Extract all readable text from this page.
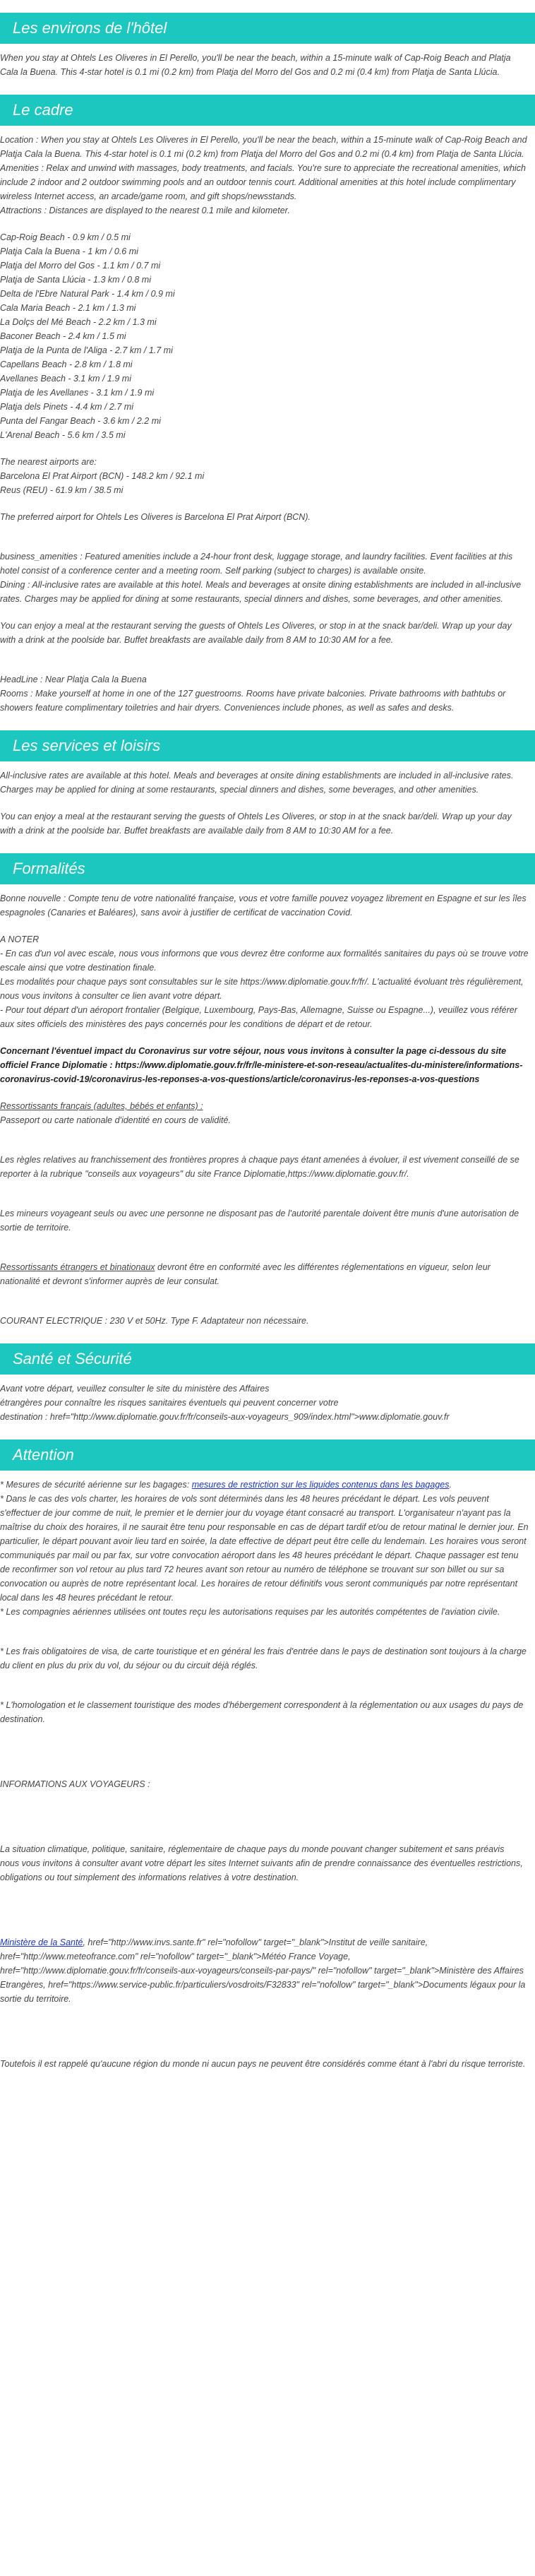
Les environs de l'hôtel

When you stay at Ohtels Les Oliveres in El Perello, you'll be near the beach, within a 15-minute walk of Cap-Roig Beach and Platja Cala la Buena. This 4-star hotel is 0.1 mi (0.2 km) from Platja del Morro del Gos and 0.2 mi (0.4 km) from Platja de Santa Llúcia.

Le cadre

Location : When you stay at Ohtels Les Oliveres in El Perello, you'll be near the beach, within a 15-minute walk of Cap-Roig Beach and Platja Cala la Buena. This 4-star hotel is 0.1 mi (0.2 km) from Platja del Morro del Gos and 0.2 mi (0.4 km) from Platja de Santa Llúcia.

Amenities : Relax and unwind with massages, body treatments, and facials. You're sure to appreciate the recreational amenities, which include 2 indoor and 2 outdoor swimming pools and an outdoor tennis court. Additional amenities at this hotel include complimentary wireless Internet access, an arcade/game room, and gift shops/newsstands.

Attractions : Distances are displayed to the nearest 0.1 mile and kilometer.

Cap-Roig Beach - 0.9 km / 0.5 mi
Platja Cala la Buena - 1 km / 0.6 mi
Platja del Morro del Gos - 1.1 km / 0.7 mi
Platja de Santa Llúcia - 1.3 km / 0.8 mi
Delta de l'Ebre Natural Park - 1.4 km / 0.9 mi
Cala Maria Beach - 2.1 km / 1.3 mi
La Dolçs del Mé Beach - 2.2 km / 1.3 mi
Baconer Beach - 2.4 km / 1.5 mi
Platja de la Punta de l'Aliga - 2.7 km / 1.7 mi
Capellans Beach - 2.8 km / 1.8 mi
Avellanes Beach - 3.1 km / 1.9 mi
Platja de les Avellanes - 3.1 km / 1.9 mi
Platja dels Pinets - 4.4 km / 2.7 mi
Punta del Fangar Beach - 3.6 km / 2.2 mi
L'Arenal Beach - 5.6 km / 3.5 mi

The nearest airports are:

Barcelona El Prat Airport (BCN) - 148.2 km / 92.1 mi

Reus (REU) - 61.9 km / 38.5 mi

The preferred airport for Ohtels Les Oliveres is Barcelona El Prat Airport (BCN).

business_amenities : Featured amenities include a 24-hour front desk, luggage storage, and laundry facilities. Event facilities at this hotel consist of a conference center and a meeting room. Self parking (subject to charges) is available onsite.

Dining : All-inclusive rates are available at this hotel. Meals and beverages at onsite dining establishments are included in all-inclusive rates. Charges may be applied for dining at some restaurants, special dinners and dishes, some beverages, and other amenities.

You can enjoy a meal at the restaurant serving the guests of Ohtels Les Oliveres, or stop in at the snack bar/deli. Wrap up your day with a drink at the poolside bar. Buffet breakfasts are available daily from 8 AM to 10:30 AM for a fee.

HeadLine : Near Platja Cala la Buena

Rooms : Make yourself at home in one of the 127 guestrooms. Rooms have private balconies. Private bathrooms with bathtubs or showers feature complimentary toiletries and hair dryers. Conveniences include phones, as well as safes and desks.

Les services et loisirs

All-inclusive rates are available at this hotel. Meals and beverages at onsite dining establishments are included in all-inclusive rates. Charges may be applied for dining at some restaurants, special dinners and dishes, some beverages, and other amenities.

You can enjoy a meal at the restaurant serving the guests of Ohtels Les Oliveres, or stop in at the snack bar/deli. Wrap up your day with a drink at the poolside bar. Buffet breakfasts are available daily from 8 AM to 10:30 AM for a fee.

Formalités

Bonne nouvelle : Compte tenu de votre nationalité française, vous et votre famille pouvez voyagez librement en Espagne et sur les îles espagnoles (Canaries et Baléares), sans avoir à justifier de certificat de vaccination Covid.

A NOTER

- En cas d'un vol avec escale, nous vous informons que vous devrez être conforme aux formalités sanitaires du pays où se trouve votre escale ainsi que votre destination finale.

Les modalités pour chaque pays sont consultables sur le site https://www.diplomatie.gouv.fr/fr/. L'actualité évoluant très régulièrement, nous vous invitons à consulter ce lien avant votre départ.

- Pour tout départ d'un aéroport frontalier (Belgique, Luxembourg, Pays-Bas, Allemagne, Suisse ou Espagne...), veuillez vous référer aux sites officiels des ministères des pays concernés pour les conditions de départ et de retour.

Concernant l'éventuel impact du Coronavirus sur votre séjour, nous vous invitons à consulter la page ci-dessous du site officiel France Diplomatie : https://www.diplomatie.gouv.fr/fr/le-ministere-et-son-reseau/actualites-du-ministere/informations-coronavirus-covid-19/coronavirus-les-reponses-a-vos-questions/article/coronavirus-les-reponses-a-vos-questions

Ressortissants français (adultes, bébés et enfants) :

Passeport ou carte nationale d'identité en cours de validité.

Les règles relatives au franchissement des frontières propres à chaque pays étant amenées à évoluer, il est vivement conseillé de se reporter à la rubrique "conseils aux voyageurs" du site France Diplomatie,https://www.diplomatie.gouv.fr/.

Les mineurs voyageant seuls ou avec une personne ne disposant pas de l'autorité parentale doivent être munis d'une autorisation de sortie de territoire.

Ressortissants étrangers et binationaux devront être en conformité avec les différentes réglementations en vigueur, selon leur nationalité et devront s'informer auprès de leur consulat.

COURANT ELECTRIQUE : 230 V et 50Hz. Type F. Adaptateur non nécessaire.

Santé et Sécurité

Avant votre départ, veuillez consulter le site du ministère des Affaires

étrangères pour connaître les risques sanitaires éventuels qui peuvent concerner votre

destination : href="http://www.diplomatie.gouv.fr/fr/conseils-aux-voyageurs_909/index.html">www.diplomatie.gouv.fr

Attention

* Mesures de sécurité aérienne sur les bagages: mesures de restriction sur les liquides contenus dans les bagages.

* Dans le cas des vols charter, les horaires de vols sont déterminés dans les 48 heures précédant le départ. Les vols peuvent s'effectuer de jour comme de nuit, le premier et le dernier jour du voyage étant consacré au transport. L'organisateur n'ayant pas la maîtrise du choix des horaires, il ne saurait être tenu pour responsable en cas de départ tardif et/ou de retour matinal le dernier jour. En particulier, le départ pouvant avoir lieu tard en soirée, la date effective de départ peut être celle du lendemain. Les horaires vous seront communiqués par mail ou par fax, sur votre convocation aéroport dans les 48 heures précédant le départ. Chaque passager est tenu de reconfirmer son vol retour au plus tard 72 heures avant son retour au numéro de téléphone se trouvant sur son billet ou sur sa convocation ou auprès de notre représentant local. Les horaires de retour définitifs vous seront communiqués par notre représentant local dans les 48 heures précédant le retour.

* Les compagnies aériennes utilisées ont toutes reçu les autorisations requises par les autorités compétentes de l'aviation civile.

* Les frais obligatoires de visa, de carte touristique et en général les frais d'entrée dans le pays de destination sont toujours à la charge du client en plus du prix du vol, du séjour ou du circuit déjà réglés.

* L'homologation et le classement touristique des modes d'hébergement correspondent à la réglementation ou aux usages du pays de destination.

INFORMATIONS AUX VOYAGEURS :

La situation climatique, politique, sanitaire, réglementaire de chaque pays du monde pouvant changer subitement et sans préavis
nous vous invitons à consulter avant votre départ les sites Internet suivants afin de prendre connaissance des éventuelles restrictions, obligations ou tout simplement des informations relatives à votre destination.

Ministère de la Santé, href="http://www.invs.sante.fr" rel="nofollow" target="_blank">Institut de veille sanitaire, href="http://www.meteofrance.com" rel="nofollow" target="_blank">Météo France Voyage, href="http://www.diplomatie.gouv.fr/fr/conseils-aux-voyageurs/conseils-par-pays/" rel="nofollow" target="_blank">Ministère des Affaires Etrangères, href="https://www.service-public.fr/particuliers/vosdroits/F32833" rel="nofollow" target="_blank">Documents légaux pour la sortie du territoire.

Toutefois il est rappelé qu'aucune région du monde ni aucun pays ne peuvent être considérés comme étant à l'abri du risque terroriste.
